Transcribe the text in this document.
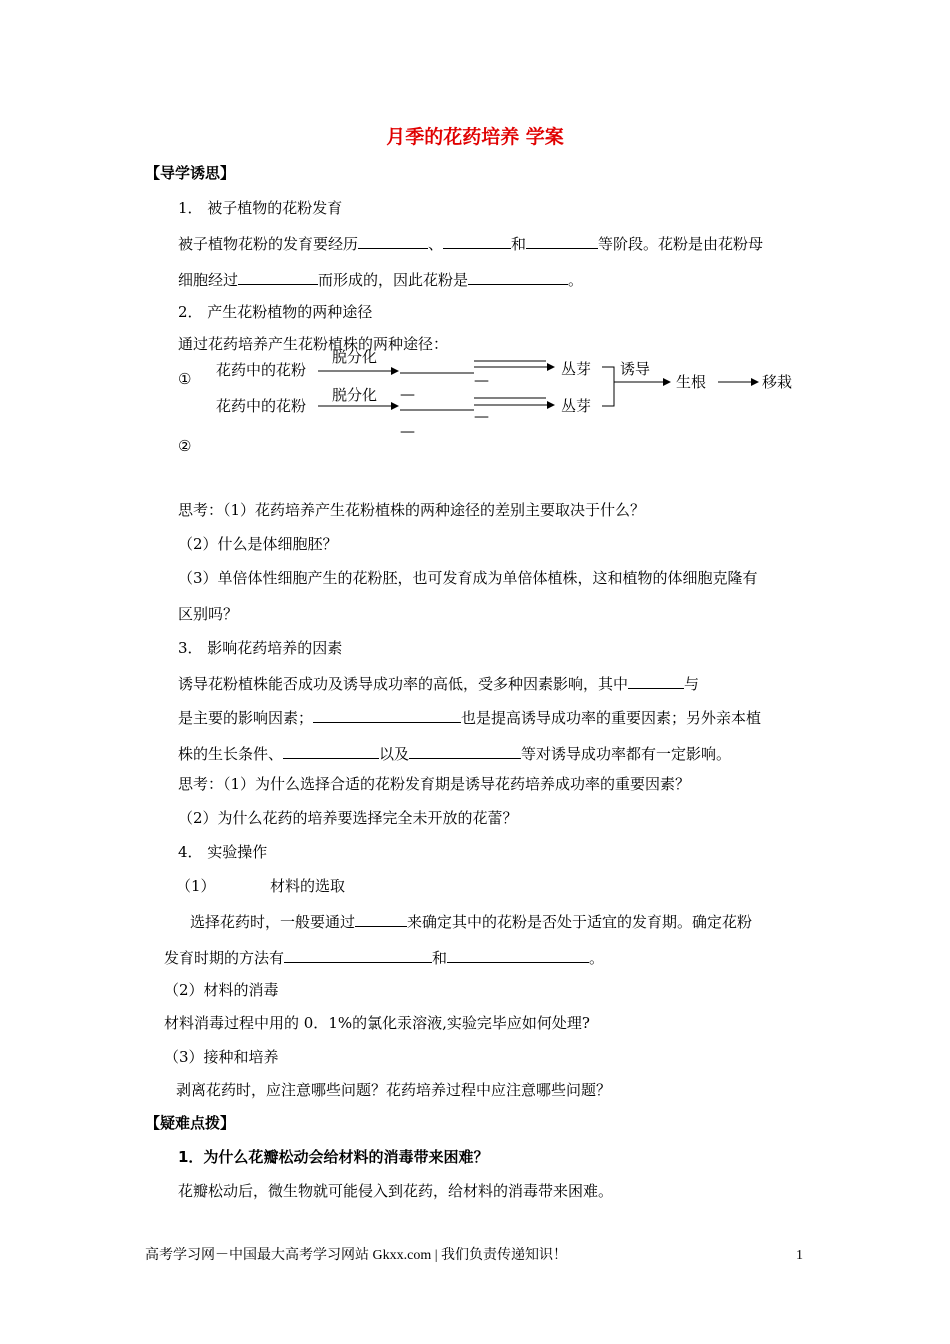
月季的花药培养 学案
【导学诱思】
1． 被子植物的花粉发育
被子植物花粉的发育要经历	、	和	等阶段。花粉是由花粉母
细胞经过	而形成的，因此花粉是	。
2． 产生花粉植物的两种途径
通过花药培养产生花粉植株的两种途径：
①
②
花药中的花粉
花药中的花粉
脱分化
脱分化 —
—
—
—
丛芽
丛芽
诱导
生根	移栽
思考：（1）花药培养产生花粉植株的两种途径的差别主要取决于什么？
（2）什么是体细胞胚？
（3）单倍体性细胞产生的花粉胚，也可发育成为单倍体植株，这和植物的体细胞克隆有
区别吗？
3． 影响花药培养的因素
诱导花粉植株能否成功及诱导成功率的高低，受多种因素影响，其中	与
是主要的影响因素；	也是提高诱导成功率的重要因素；另外亲本植
株的生长条件、	以及	等对诱导成功率都有一定影响。
思考：（1）为什么选择合适的花粉发育期是诱导花药培养成功率的重要因素？
（2）为什么花药的培养要选择完全未开放的花蕾？
4． 实验操作
（1）	材料的选取
选择花药时，一般要通过	来确定其中的花粉是否处于适宜的发育期。确定花粉
发育时期的方法有	和	。
（2）材料的消毒
材料消毒过程中用的 0．1%的氯化汞溶液,实验完毕应如何处理?
（3）接种和培养
剥离花药时，应注意哪些问题？花药培养过程中应注意哪些问题？
【疑难点拨】
1．为什么花瓣松动会给材料的消毒带来困难？
花瓣松动后，微生物就可能侵入到花药，给材料的消毒带来困难。
高考学习网－中国最大高考学习网站 Gkxx.com | 我们负责传递知识！	1
